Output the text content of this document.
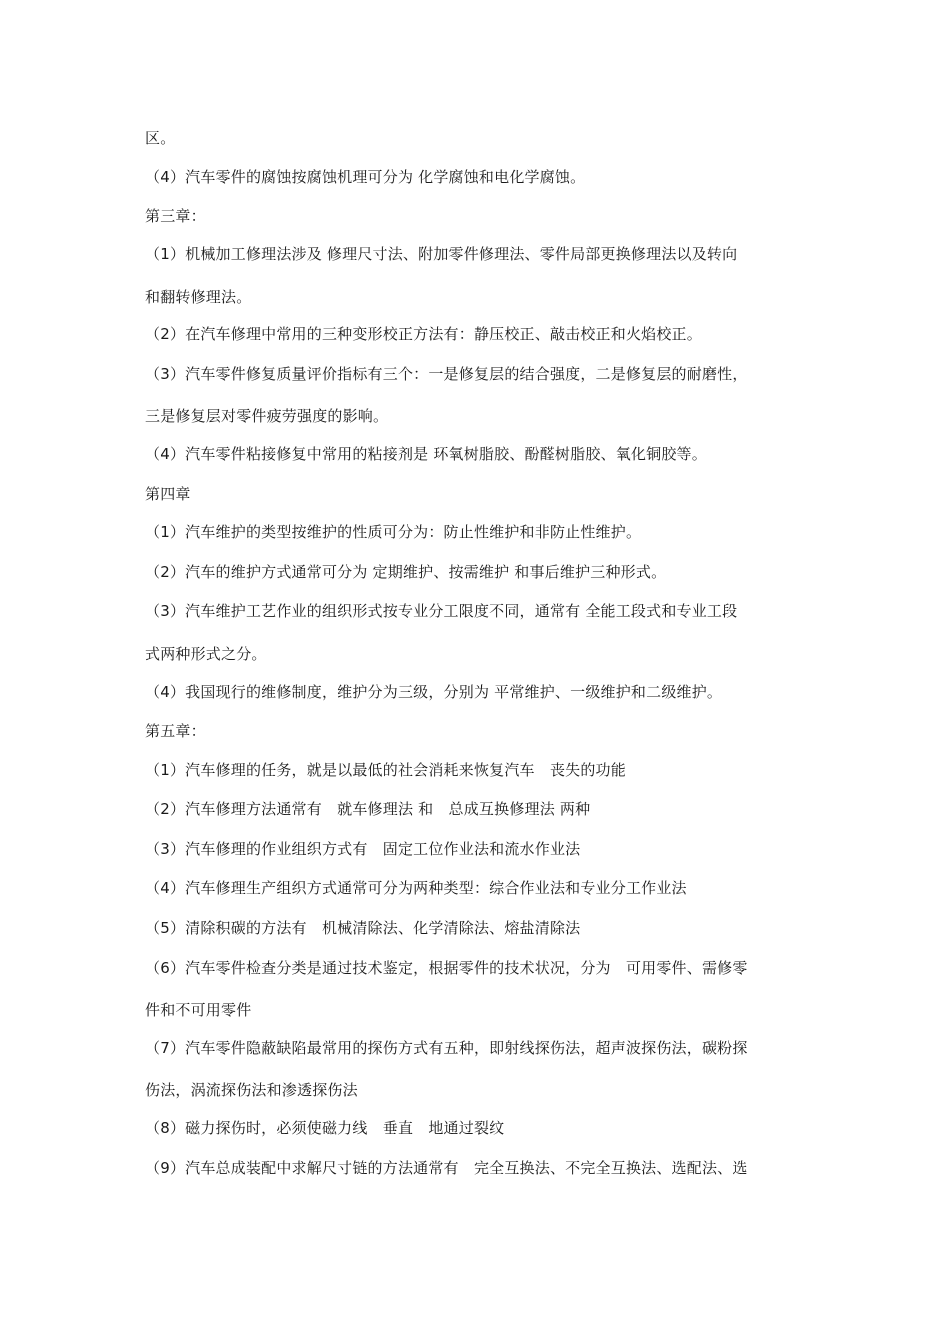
区。
（4）汽车零件的腐蚀按腐蚀机理可分为 化学腐蚀和电化学腐蚀。
第三章：
（1）机械加工修理法涉及 修理尺寸法、附加零件修理法、零件局部更换修理法以及转向
和翻转修理法。
（2）在汽车修理中常用的三种变形校正方法有：静压校正、敲击校正和火焰校正。
（3）汽车零件修复质量评价指标有三个：一是修复层的结合强度，二是修复层的耐磨性，
三是修复层对零件疲劳强度的影响。
（4）汽车零件粘接修复中常用的粘接剂是 环氧树脂胶、酚醛树脂胶、氧化铜胶等。
第四章
（1）汽车维护的类型按维护的性质可分为：防止性维护和非防止性维护。
（2）汽车的维护方式通常可分为 定期维护、按需维护 和事后维护三种形式。
（3）汽车维护工艺作业的组织形式按专业分工限度不同，通常有 全能工段式和专业工段
式两种形式之分。
（4）我国现行的维修制度，维护分为三级，分别为 平常维护、一级维护和二级维护。
第五章：
（1）汽车修理的任务，就是以最低的社会消耗来恢复汽车　丧失的功能
（2）汽车修理方法通常有　就车修理法 和　总成互换修理法 两种
（3）汽车修理的作业组织方式有　固定工位作业法和流水作业法
（4）汽车修理生产组织方式通常可分为两种类型：综合作业法和专业分工作业法
（5）清除积碳的方法有　机械清除法、化学清除法、熔盐清除法
（6）汽车零件检查分类是通过技术鉴定，根据零件的技术状况，分为　可用零件、需修零
件和不可用零件
（7）汽车零件隐蔽缺陷最常用的探伤方式有五种，即射线探伤法，超声波探伤法，碳粉探
伤法，涡流探伤法和渗透探伤法
（8）磁力探伤时，必须使磁力线　垂直　地通过裂纹
（9）汽车总成装配中求解尺寸链的方法通常有　完全互换法、不完全互换法、选配法、选
